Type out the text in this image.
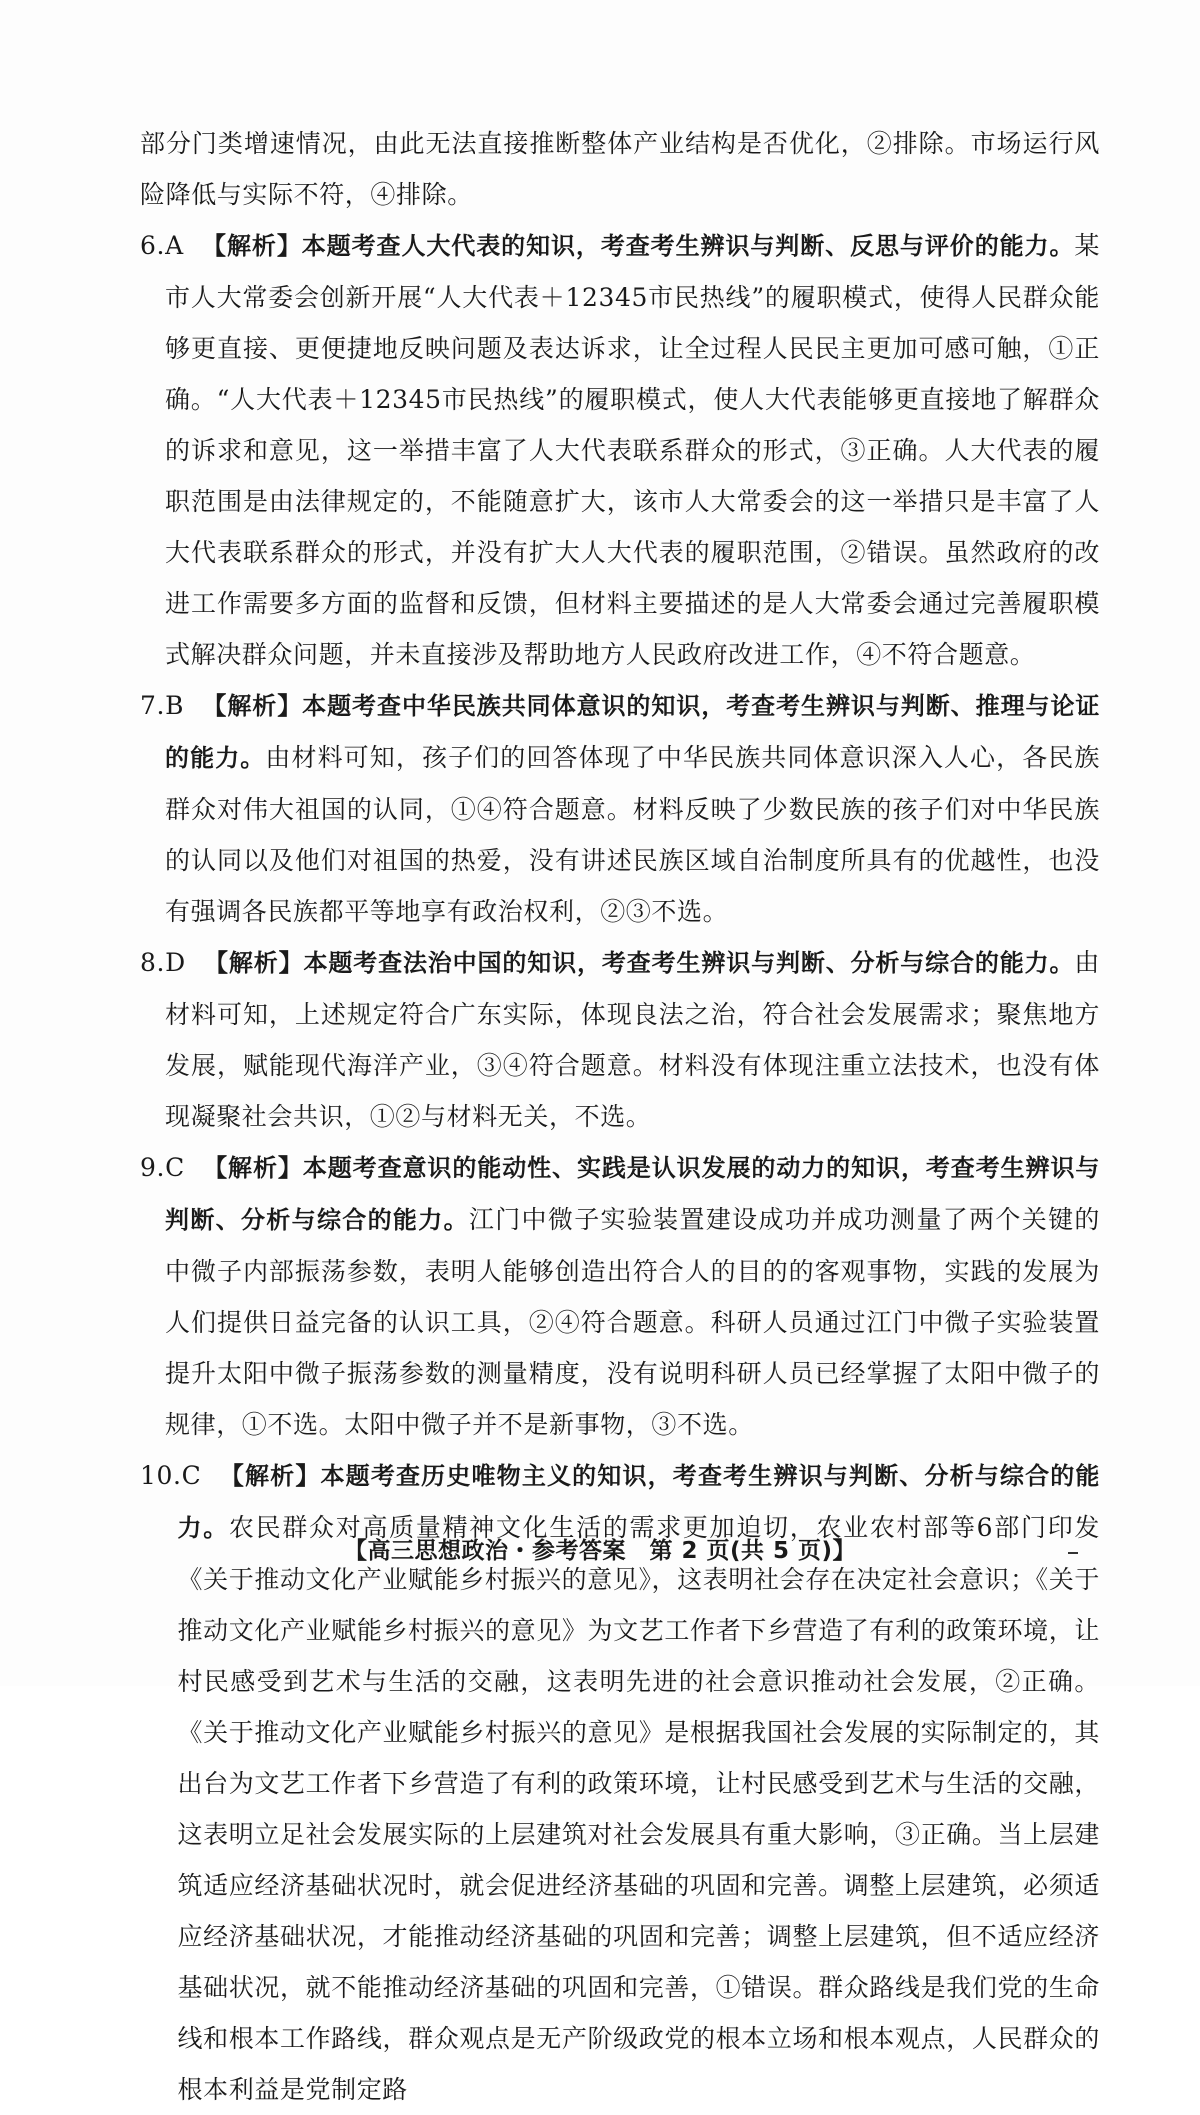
部分门类增速情况，由此无法直接推断整体产业结构是否优化，②排除。市场运行风险降低与实际不符，④排除。

6.A 【解析】本题考查人大代表的知识，考查考生辨识与判断、反思与评价的能力。某市人大常委会创新开展“人大代表＋12345市民热线”的履职模式，使得人民群众能够更直接、更便捷地反映问题及表达诉求，让全过程人民民主更加可感可触，①正确。“人大代表＋12345市民热线”的履职模式，使人大代表能够更直接地了解群众的诉求和意见，这一举措丰富了人大代表联系群众的形式，③正确。人大代表的履职范围是由法律规定的，不能随意扩大，该市人大常委会的这一举措只是丰富了人大代表联系群众的形式，并没有扩大人大代表的履职范围，②错误。虽然政府的改进工作需要多方面的监督和反馈，但材料主要描述的是人大常委会通过完善履职模式解决群众问题，并未直接涉及帮助地方人民政府改进工作，④不符合题意。
7.B 【解析】本题考查中华民族共同体意识的知识，考查考生辨识与判断、推理与论证的能力。由材料可知，孩子们的回答体现了中华民族共同体意识深入人心，各民族群众对伟大祖国的认同，①④符合题意。材料反映了少数民族的孩子们对中华民族的认同以及他们对祖国的热爱，没有讲述民族区域自治制度所具有的优越性，也没有强调各民族都平等地享有政治权利，②③不选。
8.D 【解析】本题考查法治中国的知识，考查考生辨识与判断、分析与综合的能力。由材料可知，上述规定符合广东实际，体现良法之治，符合社会发展需求；聚焦地方发展，赋能现代海洋产业，③④符合题意。材料没有体现注重立法技术，也没有体现凝聚社会共识，①②与材料无关，不选。
9.C 【解析】本题考查意识的能动性、实践是认识发展的动力的知识，考查考生辨识与判断、分析与综合的能力。江门中微子实验装置建设成功并成功测量了两个关键的中微子内部振荡参数，表明人能够创造出符合人的目的的客观事物，实践的发展为人们提供日益完备的认识工具，②④符合题意。科研人员通过江门中微子实验装置提升太阳中微子振荡参数的测量精度，没有说明科研人员已经掌握了太阳中微子的规律，①不选。太阳中微子并不是新事物，③不选。
10.C 【解析】本题考查历史唯物主义的知识，考查考生辨识与判断、分析与综合的能力。农民群众对高质量精神文化生活的需求更加迫切，农业农村部等6部门印发《关于推动文化产业赋能乡村振兴的意见》，这表明社会存在决定社会意识；《关于推动文化产业赋能乡村振兴的意见》为文艺工作者下乡营造了有利的政策环境，让村民感受到艺术与生活的交融，这表明先进的社会意识推动社会发展，②正确。《关于推动文化产业赋能乡村振兴的意见》是根据我国社会发展的实际制定的，其出台为文艺工作者下乡营造了有利的政策环境，让村民感受到艺术与生活的交融，这表明立足社会发展实际的上层建筑对社会发展具有重大影响，③正确。当上层建筑适应经济基础状况时，就会促进经济基础的巩固和完善。调整上层建筑，必须适应经济基础状况，才能推动经济基础的巩固和完善；调整上层建筑，但不适应经济基础状况，就不能推动经济基础的巩固和完善，①错误。群众路线是我们党的生命线和根本工作路线，群众观点是无产阶级政党的根本立场和根本观点，人民群众的根本利益是党制定路
【高三思想政治・参考答案　第 2 页(共 5 页)】
